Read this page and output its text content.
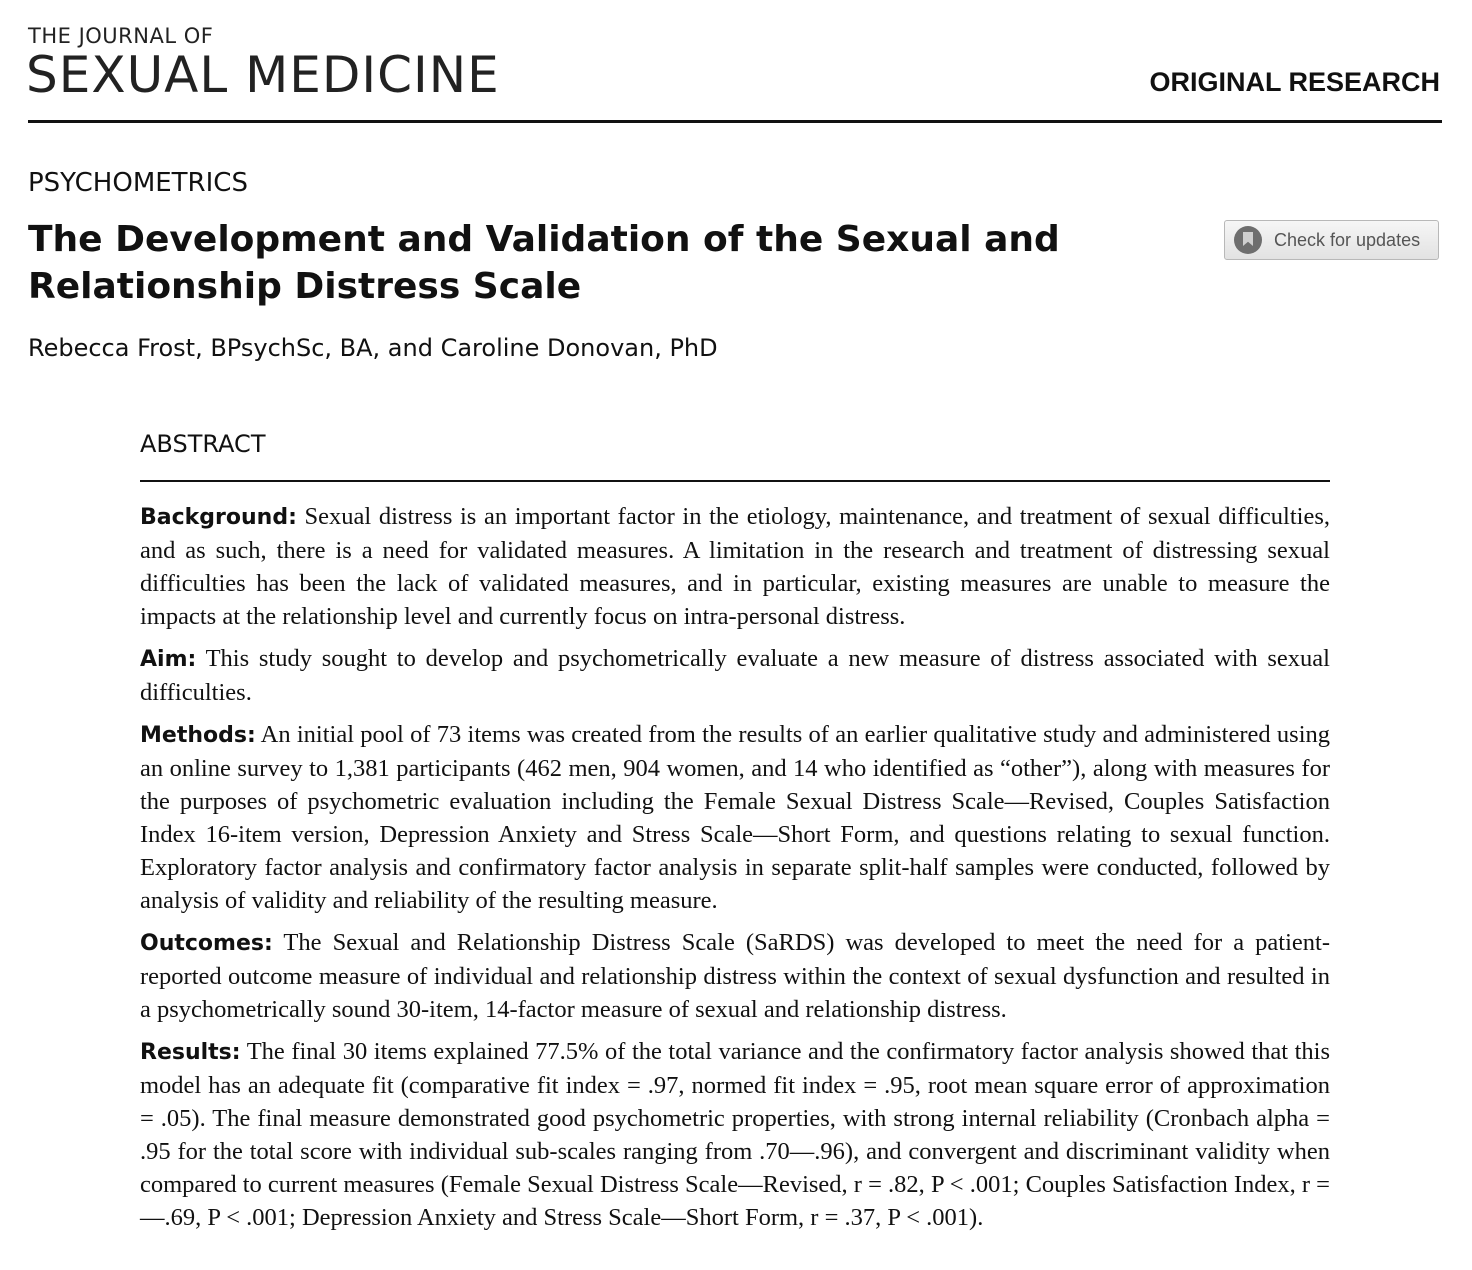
THE JOURNAL OF
SEXUAL MEDICINE	ORIGINAL RESEARCH
PSYCHOMETRICS
The Development and Validation of the Sexual and Relationship Distress Scale
Check for updates
Rebecca Frost, BPsychSc, BA, and Caroline Donovan, PhD
ABSTRACT

Background: Sexual distress is an important factor in the etiology, maintenance, and treatment of sexual difficulties, and as such, there is a need for validated measures. A limitation in the research and treatment of distressing sexual difficulties has been the lack of validated measures, and in particular, existing measures are unable to measure the impacts at the relationship level and currently focus on intra-personal distress.

Aim: This study sought to develop and psychometrically evaluate a new measure of distress associated with sexual difficulties.

Methods: An initial pool of 73 items was created from the results of an earlier qualitative study and administered using an online survey to 1,381 participants (462 men, 904 women, and 14 who identified as “other”), along with measures for the purposes of psychometric evaluation including the Female Sexual Distress Scale—Revised, Couples Satisfaction Index 16-item version, Depression Anxiety and Stress Scale—Short Form, and questions relating to sexual function. Exploratory factor analysis and confirmatory factor analysis in separate split-half samples were conducted, followed by analysis of validity and reliability of the resulting measure.

Outcomes: The Sexual and Relationship Distress Scale (SaRDS) was developed to meet the need for a patient-reported outcome measure of individual and relationship distress within the context of sexual dysfunction and resulted in a psychometrically sound 30-item, 14-factor measure of sexual and relationship distress.

Results: The final 30 items explained 77.5% of the total variance and the confirmatory factor analysis showed that this model has an adequate fit (comparative fit index = .97, normed fit index = .95, root mean square error of approximation = .05). The final measure demonstrated good psychometric properties, with strong internal reliability (Cronbach alpha = .95 for the total score with individual sub-scales ranging from .70—.96), and convergent and discriminant validity when compared to current measures (Female Sexual Distress Scale—Revised, r = .82, P < .001; Couples Satisfaction Index, r = —.69, P < .001; Depression Anxiety and Stress Scale—Short Form, r = .37, P < .001).
